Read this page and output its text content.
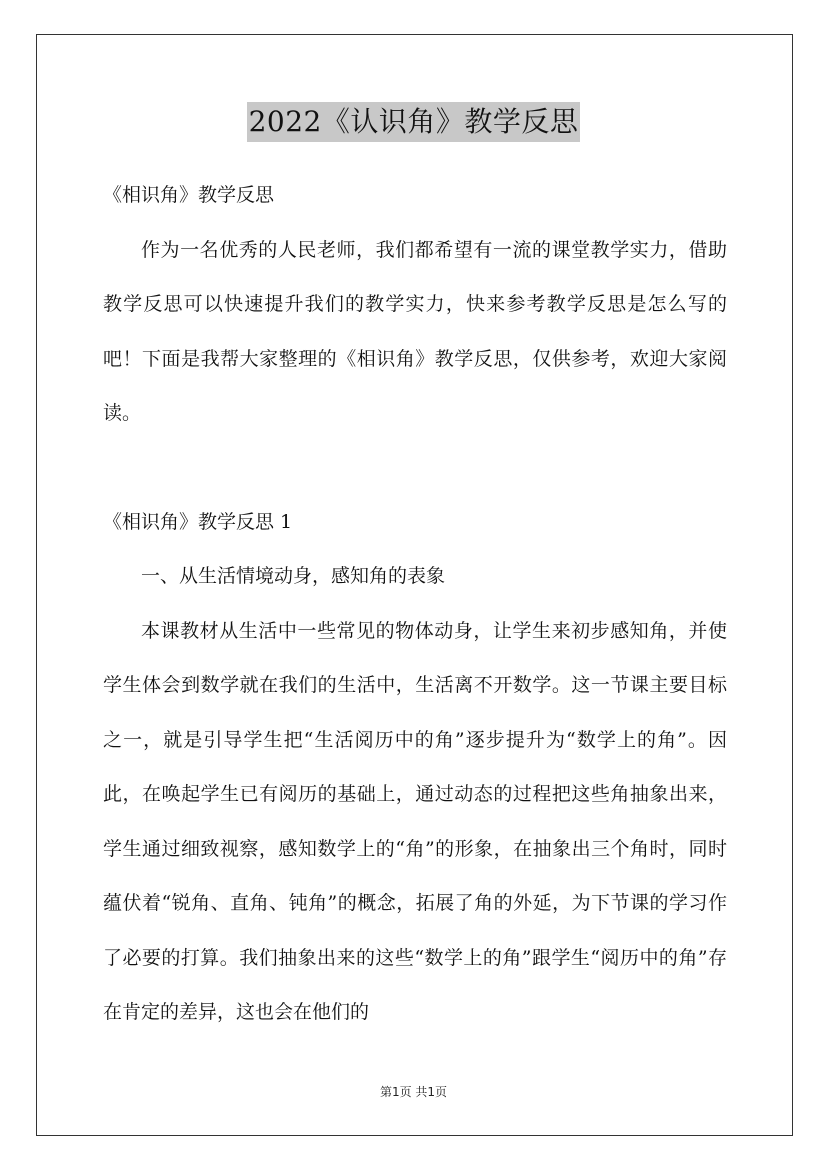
2022《认识角》教学反思

《相识角》教学反思

作为一名优秀的人民老师，我们都希望有一流的课堂教学实力，借助教学反思可以快速提升我们的教学实力，快来参考教学反思是怎么写的吧！下面是我帮大家整理的《相识角》教学反思，仅供参考，欢迎大家阅读。

《相识角》教学反思 1

一、从生活情境动身，感知角的表象

本课教材从生活中一些常见的物体动身，让学生来初步感知角，并使学生体会到数学就在我们的生活中，生活离不开数学。这一节课主要目标之一，就是引导学生把“生活阅历中的角”逐步提升为“数学上的角”。因此，在唤起学生已有阅历的基础上，通过动态的过程把这些角抽象出来，学生通过细致视察，感知数学上的“角”的形象，在抽象出三个角时，同时蕴伏着“锐角、直角、钝角”的概念，拓展了角的外延，为下节课的学习作了必要的打算。我们抽象出来的这些“数学上的角”跟学生“阅历中的角”存在肯定的差异，这也会在他们的

第1页 共1页
